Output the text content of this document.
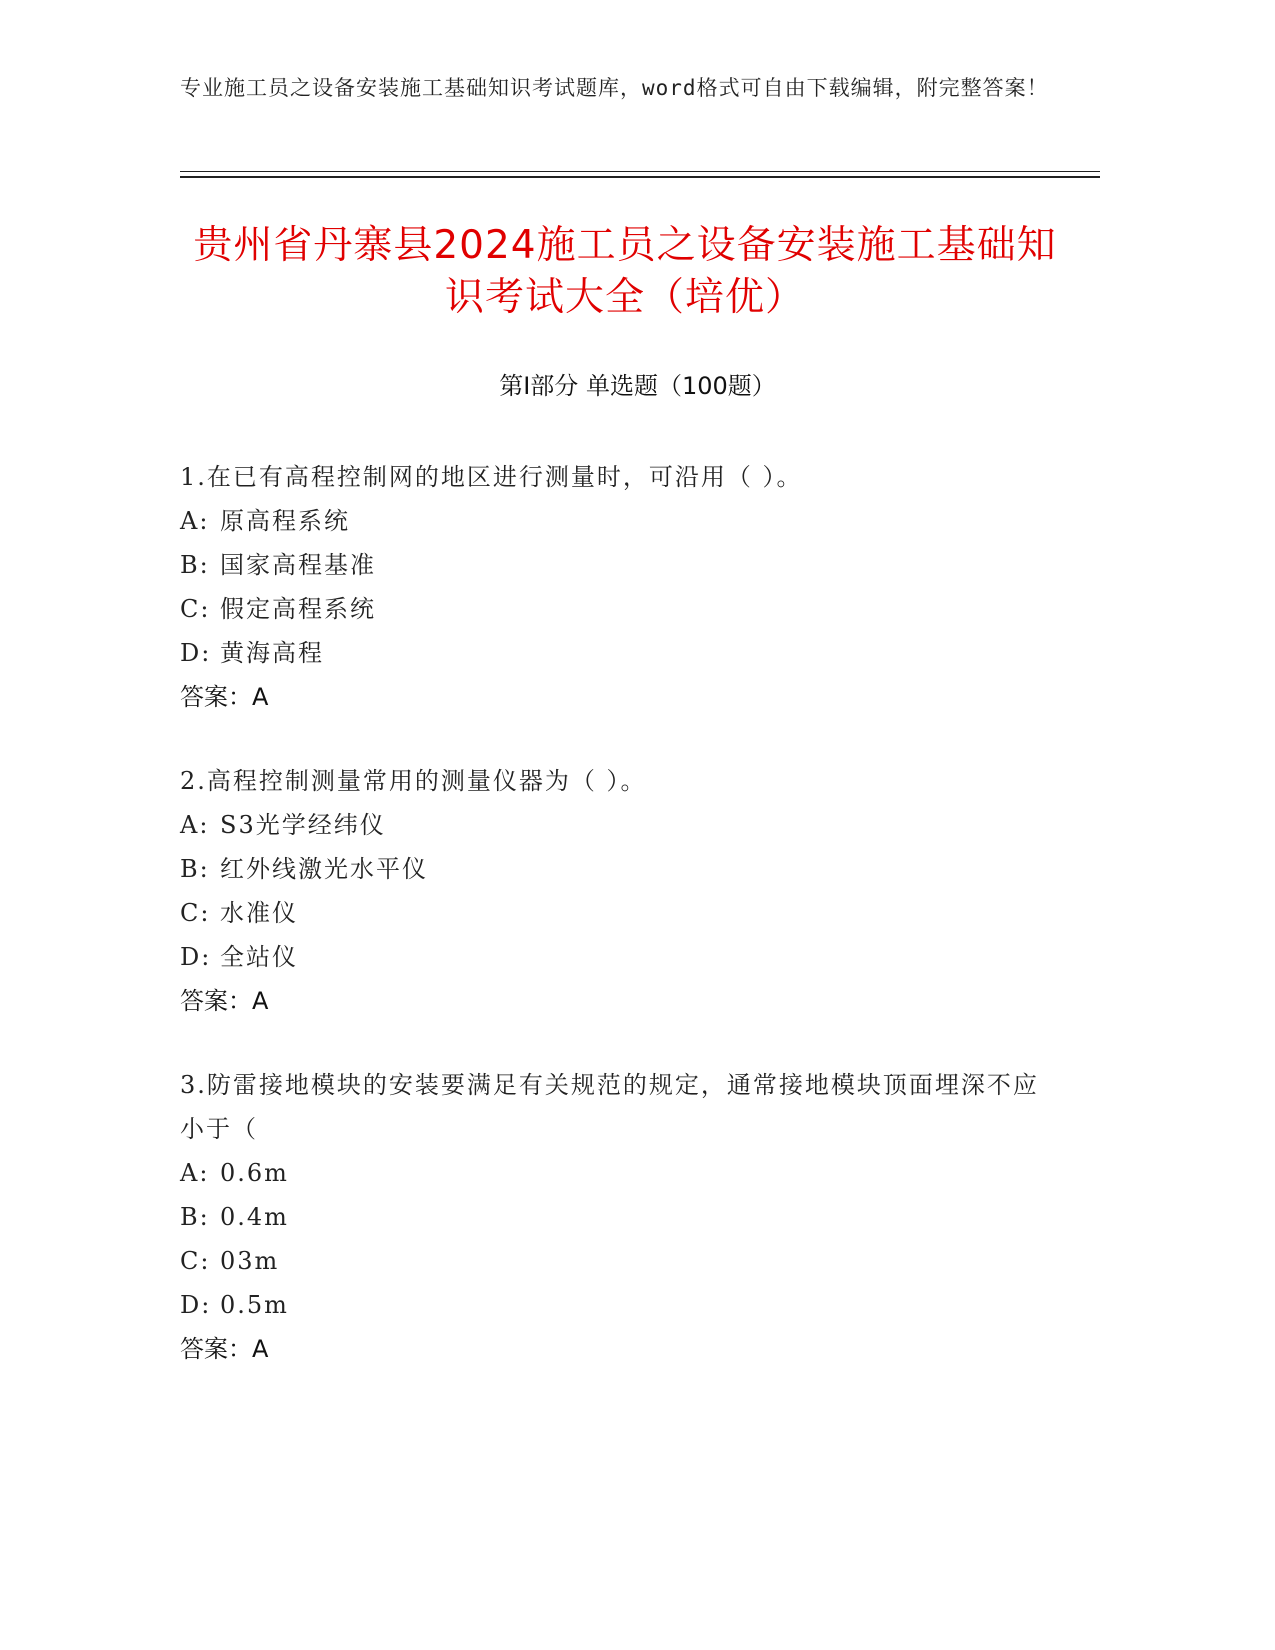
专业施工员之设备安装施工基础知识考试题库，word格式可自由下载编辑，附完整答案！
贵州省丹寨县2024施工员之设备安装施工基础知识考试大全（培优）
第Ⅰ部分 单选题（100题）
1.在已有高程控制网的地区进行测量时，可沿用（ ）。
A: 原高程系统
B: 国家高程基准
C: 假定高程系统
D: 黄海高程
答案：A
2.高程控制测量常用的测量仪器为（ ）。
A: S3光学经纬仪
B: 红外线激光水平仪
C: 水准仪
D: 全站仪
答案：A
3.防雷接地模块的安装要满足有关规范的规定，通常接地模块顶面埋深不应小于（
A: 0.6m
B: 0.4m
C: 03m
D: 0.5m
答案：A
